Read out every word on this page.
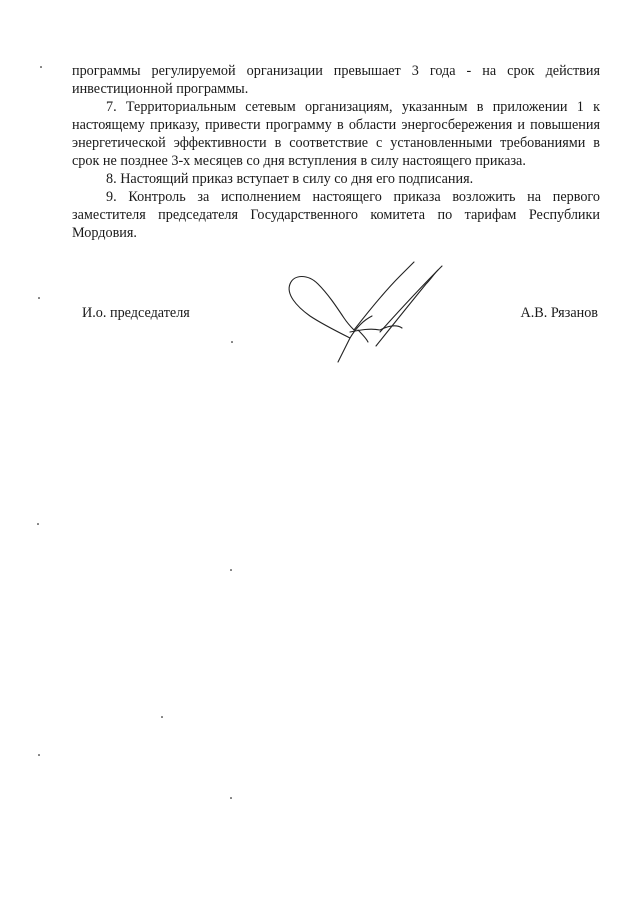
программы регулируемой организации превышает 3 года - на срок действия инвестиционной программы.

7. Территориальным сетевым организациям, указанным в приложении 1 к настоящему приказу, привести программу в области энергосбережения и повышения энергетической эффективности в соответствие с установленными требованиями в срок не позднее 3-х месяцев со дня вступления в силу настоящего приказа.

8. Настоящий приказ вступает в силу со дня его подписания.

9. Контроль за исполнением настоящего приказа возложить на первого заместителя председателя Государственного комитета по тарифам Республики Мордовия.

И.о. председателя	А.В. Рязанов
